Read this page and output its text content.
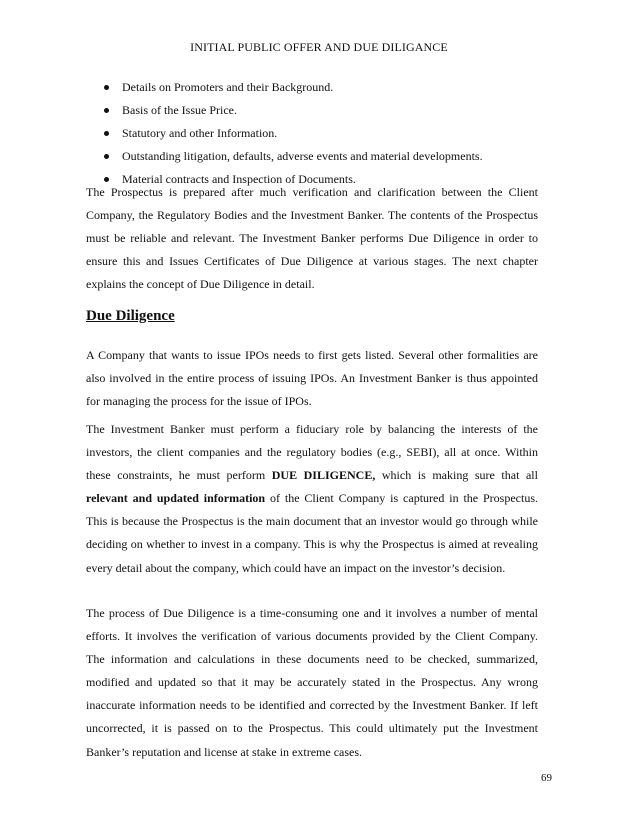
INITIAL PUBLIC OFFER AND DUE DILIGANCE
Details on Promoters and their Background.
Basis of the Issue Price.
Statutory and other Information.
Outstanding litigation, defaults, adverse events and material developments.
Material contracts and Inspection of Documents.

The Prospectus is prepared after much verification and clarification between the Client Company, the Regulatory Bodies and the Investment Banker. The contents of the Prospectus must be reliable and relevant. The Investment Banker performs Due Diligence in order to ensure this and Issues Certificates of Due Diligence at various stages. The next chapter explains the concept of Due Diligence in detail.

Due Diligence

A Company that wants to issue IPOs needs to first gets listed. Several other formalities are also involved in the entire process of issuing IPOs. An Investment Banker is thus appointed for managing the process for the issue of IPOs.

The Investment Banker must perform a fiduciary role by balancing the interests of the investors, the client companies and the regulatory bodies (e.g., SEBI), all at once. Within these constraints, he must perform DUE DILIGENCE, which is making sure that all relevant and updated information of the Client Company is captured in the Prospectus. This is because the Prospectus is the main document that an investor would go through while deciding on whether to invest in a company. This is why the Prospectus is aimed at revealing every detail about the company, which could have an impact on the investor’s decision.

The process of Due Diligence is a time-consuming one and it involves a number of mental efforts. It involves the verification of various documents provided by the Client Company. The information and calculations in these documents need to be checked, summarized, modified and updated so that it may be accurately stated in the Prospectus. Any wrong inaccurate information needs to be identified and corrected by the Investment Banker. If left uncorrected, it is passed on to the Prospectus. This could ultimately put the Investment Banker’s reputation and license at stake in extreme cases.

69
